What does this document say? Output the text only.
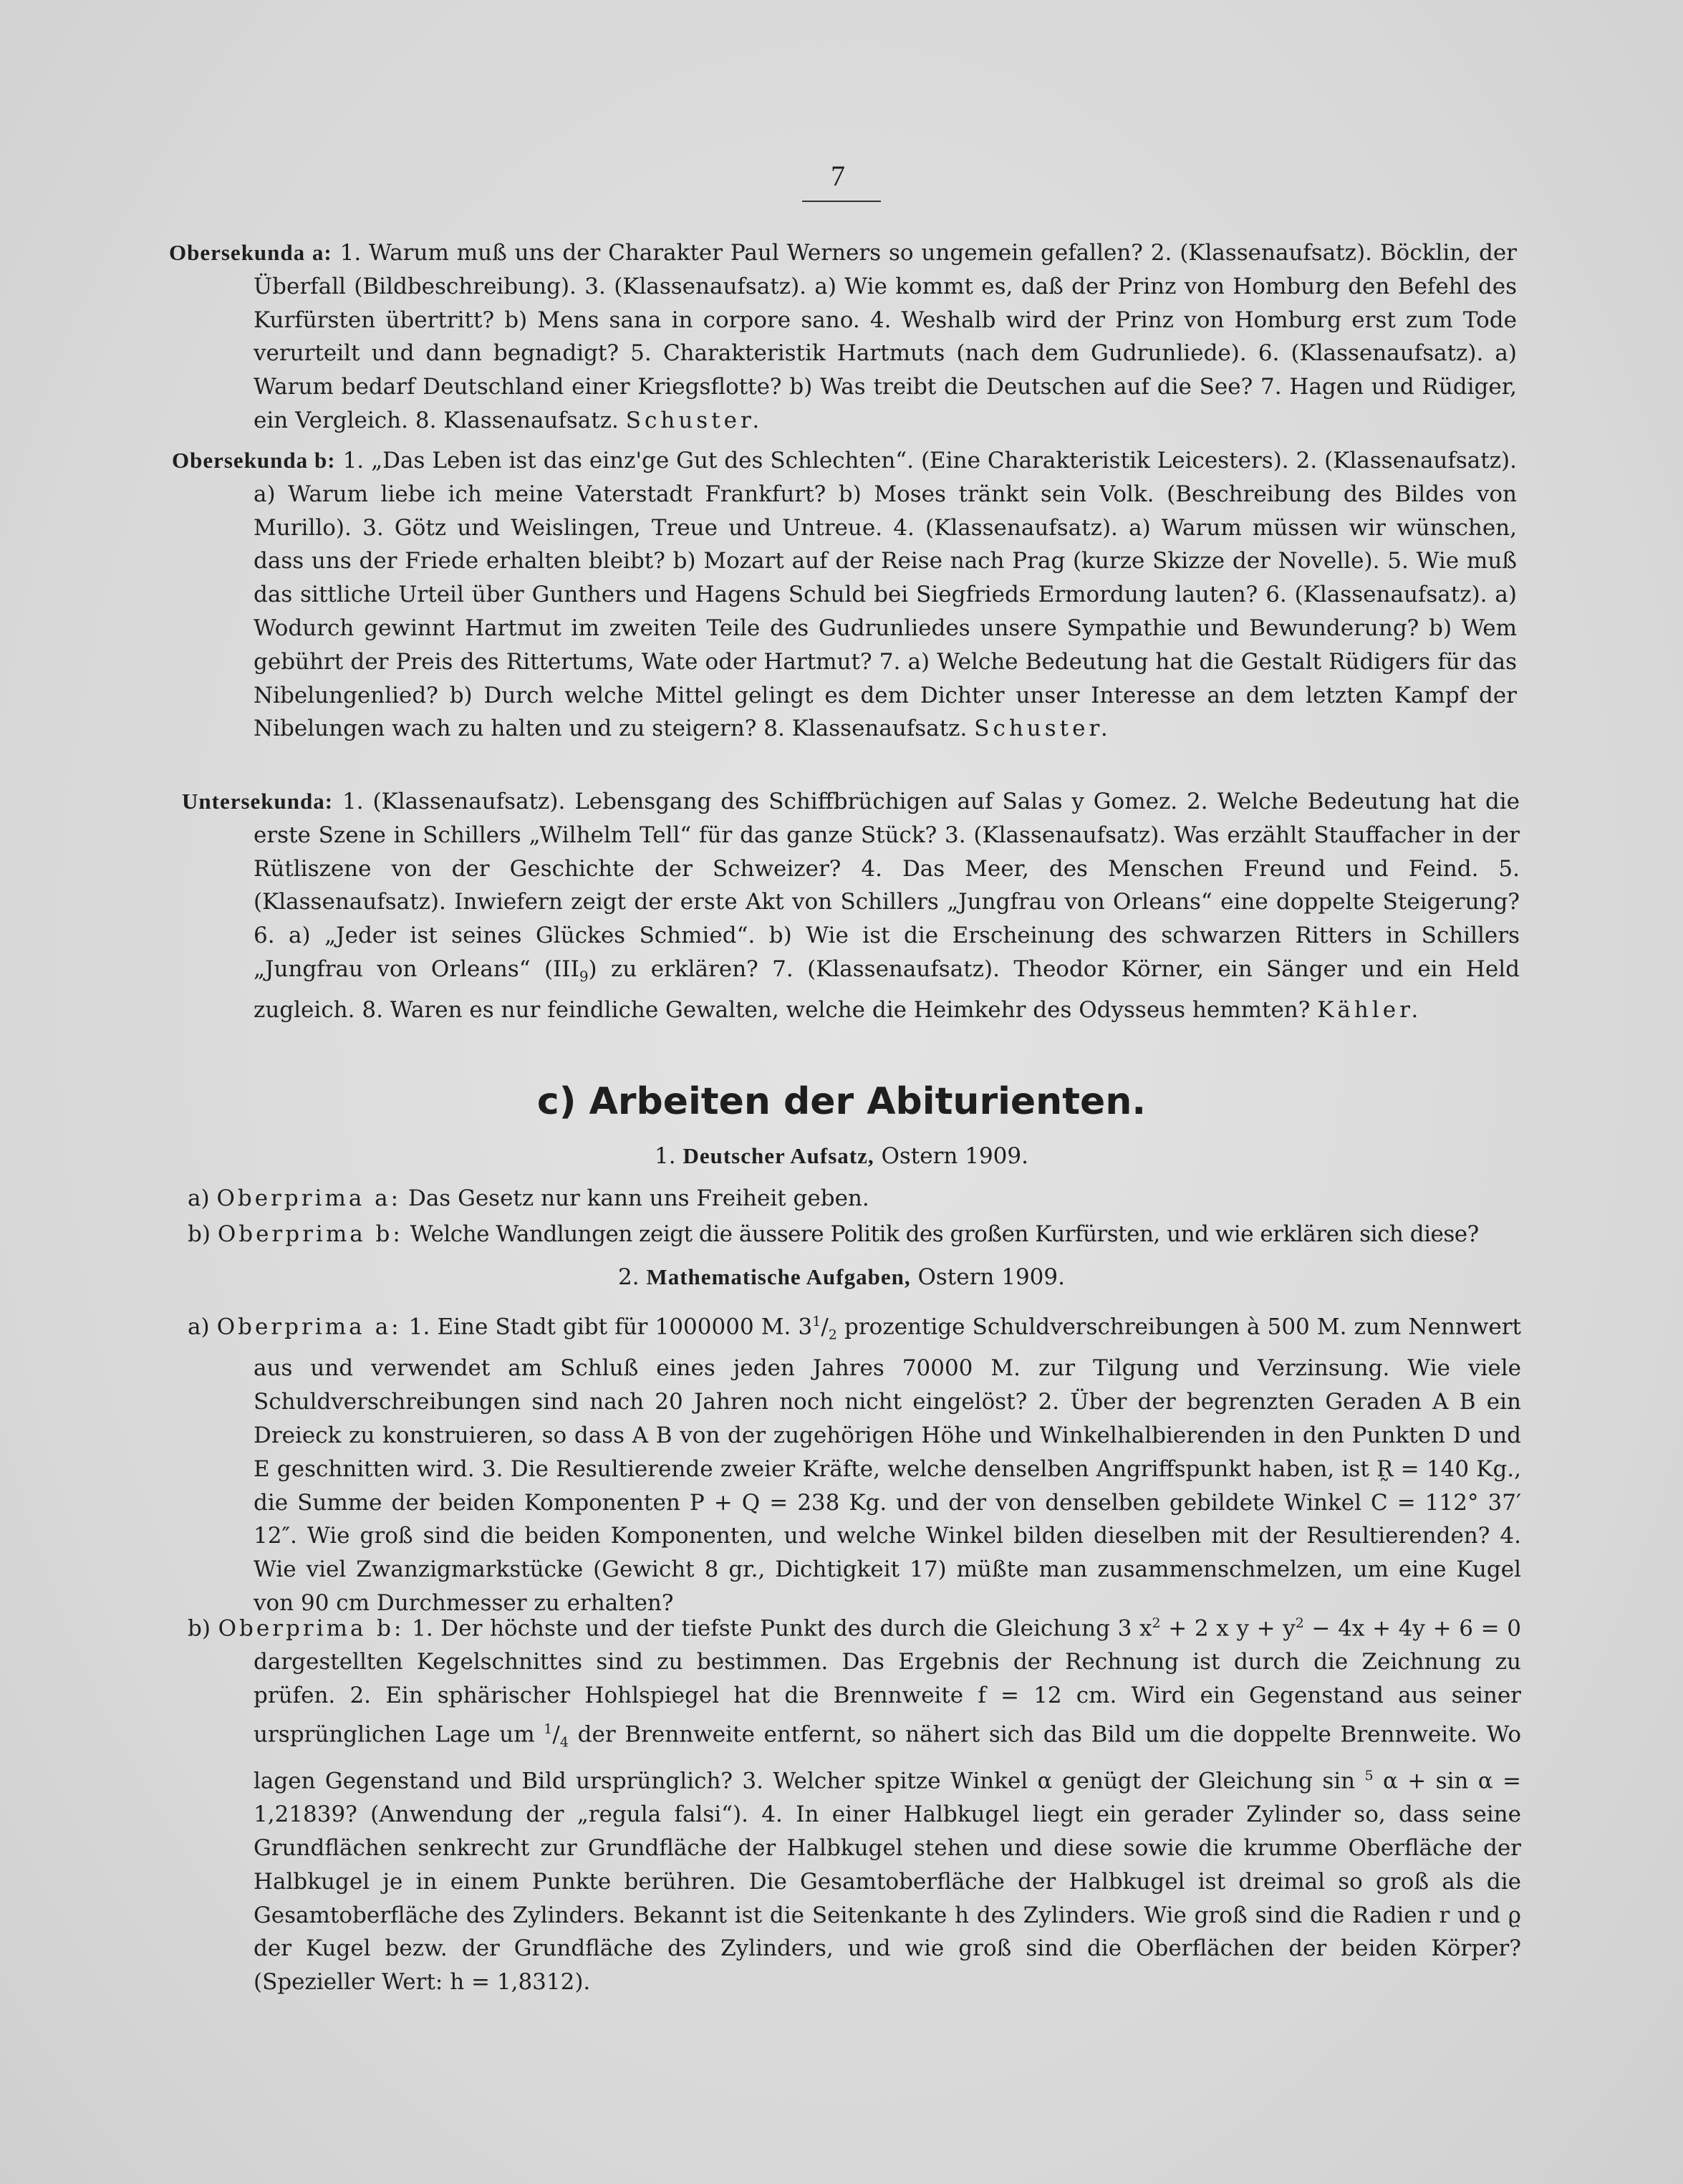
7
Obersekunda a: 1. Warum muß uns der Charakter Paul Werners so ungemein gefallen? 2. (Klassenaufsatz). Böcklin, der Überfall (Bildbeschreibung). 3. (Klassenaufsatz). a) Wie kommt es, daß der Prinz von Homburg den Befehl des Kurfürsten übertritt? b) Mens sana in corpore sano. 4. Weshalb wird der Prinz von Homburg erst zum Tode verurteilt und dann begnadigt? 5. Charakteristik Hartmuts (nach dem Gudrunliede). 6. (Klassenaufsatz). a) Warum bedarf Deutschland einer Kriegsflotte? b) Was treibt die Deutschen auf die See? 7. Hagen und Rüdiger, ein Vergleich. 8. Klassenaufsatz. Schuster.
Obersekunda b: 1. „Das Leben ist das einz'ge Gut des Schlechten“. (Eine Charakteristik Leicesters). 2. (Klassenaufsatz). a) Warum liebe ich meine Vaterstadt Frankfurt? b) Moses tränkt sein Volk. (Beschreibung des Bildes von Murillo). 3. Götz und Weislingen, Treue und Untreue. 4. (Klassenaufsatz). a) Warum müssen wir wünschen, dass uns der Friede erhalten bleibt? b) Mozart auf der Reise nach Prag (kurze Skizze der Novelle). 5. Wie muß das sittliche Urteil über Gunthers und Hagens Schuld bei Siegfrieds Ermordung lauten? 6. (Klassenaufsatz). a) Wodurch gewinnt Hartmut im zweiten Teile des Gudrunliedes unsere Sympathie und Bewunderung? b) Wem gebührt der Preis des Rittertums, Wate oder Hartmut? 7. a) Welche Bedeutung hat die Gestalt Rüdigers für das Nibelungenlied? b) Durch welche Mittel gelingt es dem Dichter unser Interesse an dem letzten Kampf der Nibelungen wach zu halten und zu steigern? 8. Klassenaufsatz. Schuster.
Untersekunda: 1. (Klassenaufsatz). Lebensgang des Schiffbrüchigen auf Salas y Gomez. 2. Welche Bedeutung hat die erste Szene in Schillers „Wilhelm Tell“ für das ganze Stück? 3. (Klassenaufsatz). Was erzählt Stauffacher in der Rütliszene von der Geschichte der Schweizer? 4. Das Meer, des Menschen Freund und Feind. 5. (Klassenaufsatz). Inwiefern zeigt der erste Akt von Schillers „Jungfrau von Orleans“ eine doppelte Steigerung? 6. a) „Jeder ist seines Glückes Schmied“. b) Wie ist die Erscheinung des schwarzen Ritters in Schillers „Jungfrau von Orleans“ $(III_9)$ zu erklären? 7. (Klassenaufsatz). Theodor Körner, ein Sänger und ein Held zugleich. 8. Waren es nur feindliche Gewalten, welche die Heimkehr des Odysseus hemmten? Kähler.
c) Arbeiten der Abiturienten.
1. Deutscher Aufsatz, Ostern 1909.
a) Oberprima a: Das Gesetz nur kann uns Freiheit geben.
b) Oberprima b: Welche Wandlungen zeigt die äussere Politik des großen Kurfürsten, und wie erklären sich diese?
2. Mathematische Aufgaben, Ostern 1909.
a) Oberprima a: 1. Eine Stadt gibt für 1000000 M. $3^1/_2$ prozentige Schuldverschreibungen à 500 M. zum Nennwert aus und verwendet am Schluß eines jeden Jahres 70000 M. zur Tilgung und Verzinsung. Wie viele Schuldverschreibungen sind nach 20 Jahren noch nicht eingelöst? 2. Über der begrenzten Geraden A B ein Dreieck zu konstruieren, so dass A B von der zugehörigen Höhe und Winkelhalbierenden in den Punkten D und E geschnitten wird. 3. Die Resultierende zweier Kräfte, welche denselben Angriffspunkt haben, ist R̰ = 140 Kg., die Summe der beiden Komponenten P + Q = 238 Kg. und der von denselben gebildete Winkel C = 112° 37′ 12″. Wie groß sind die beiden Komponenten, und welche Winkel bilden dieselben mit der Resultierenden? 4. Wie viel Zwanzigmarkstücke (Gewicht 8 gr., Dichtigkeit 17) müßte man zusammenschmelzen, um eine Kugel von 90 cm Durchmesser zu erhalten?
b) Oberprima b: 1. Der höchste und der tiefste Punkt des durch die Gleichung 3 $x^2 + 2$ x $y + y^2 - 4x + 4y + 6 = 0$ dargestellten Kegelschnittes sind zu bestimmen. Das Ergebnis der Rechnung ist durch die Zeichnung zu prüfen. 2. Ein sphärischer Hohlspiegel hat die Brennweite f = 12 cm. Wird ein Gegenstand aus seiner ursprünglichen Lage um $^1/_4$ der Brennweite entfernt, so nähert sich das Bild um die doppelte Brennweite. Wo lagen Gegenstand und Bild ursprünglich? 3. Welcher spitze Winkel α genügt der Gleichung sin $^5$ α + sin α = 1,21839? (Anwendung der „regula falsi“). 4. In einer Halbkugel liegt ein gerader Zylinder so, dass seine Grundflächen senkrecht zur Grundfläche der Halbkugel stehen und diese sowie die krumme Oberfläche der Halbkugel je in einem Punkte berühren. Die Gesamtoberfläche der Halbkugel ist dreimal so groß als die Gesamtoberfläche des Zylinders. Bekannt ist die Seitenkante h des Zylinders. Wie groß sind die Radien r und ϱ der Kugel bezw. der Grundfläche des Zylinders, und wie groß sind die Oberflächen der beiden Körper? (Spezieller Wert: h = 1,8312).
